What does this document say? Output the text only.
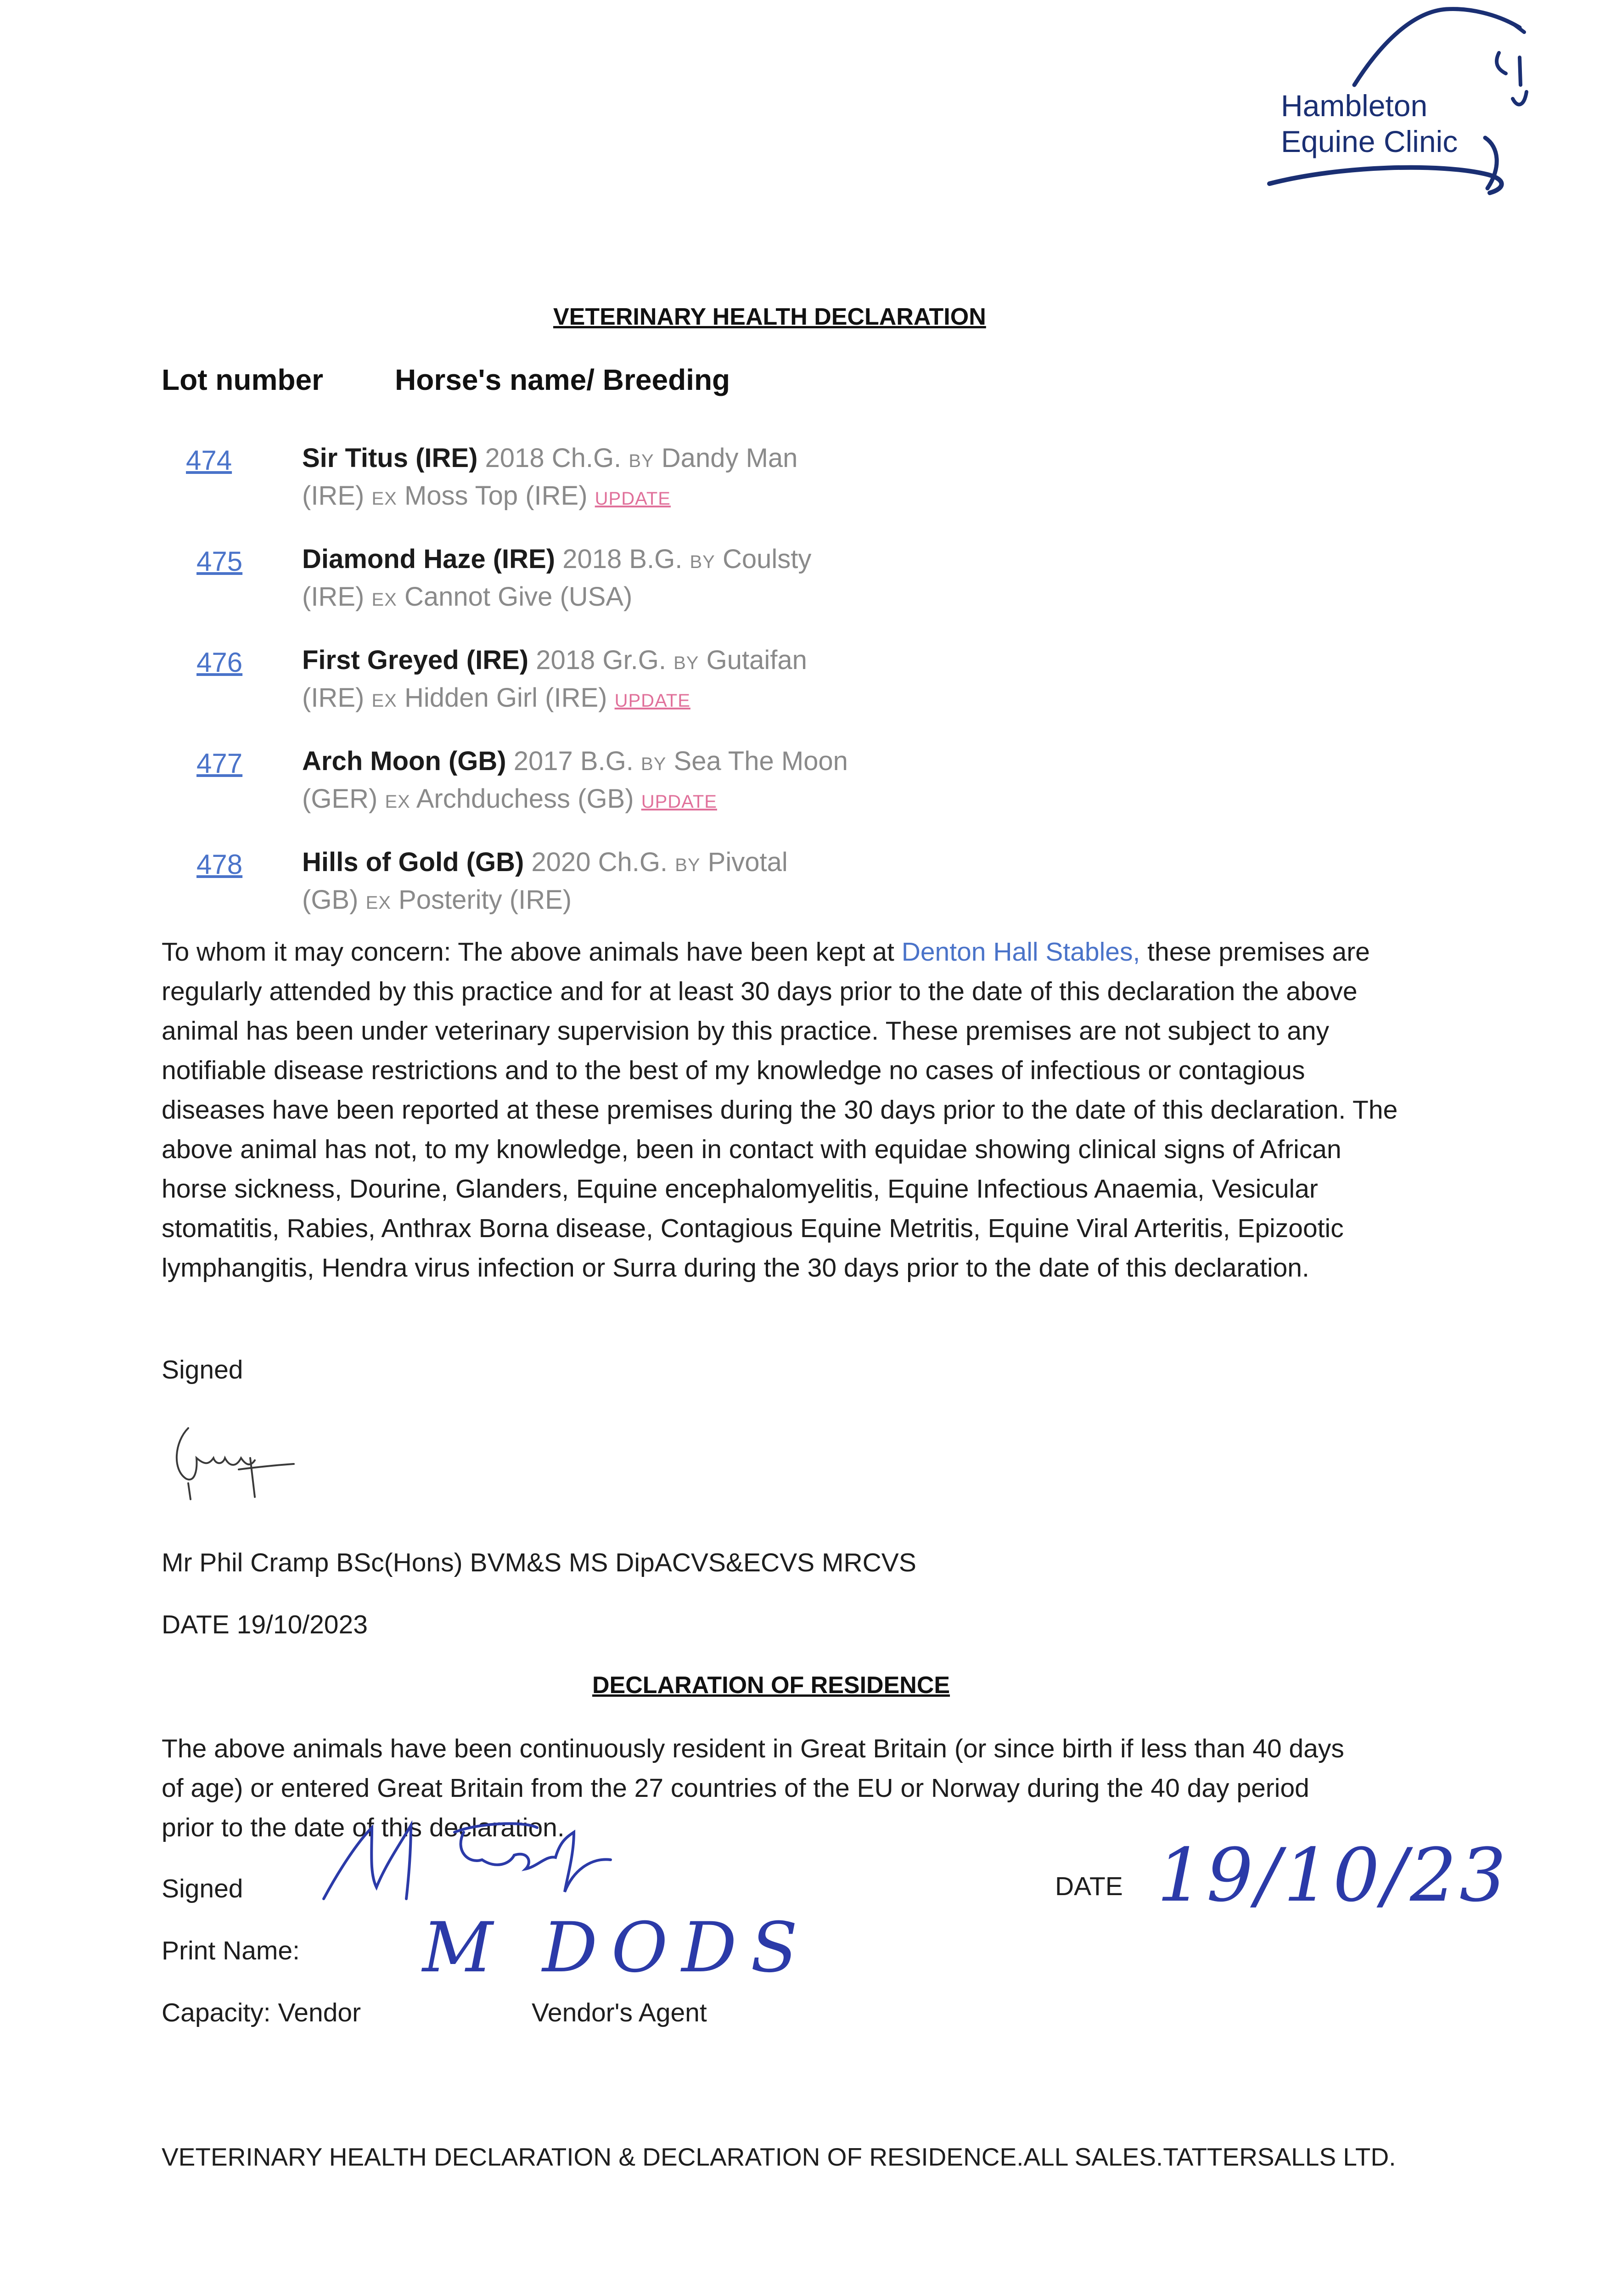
Hambleton
Equine Clinic
VETERINARY HEALTH DECLARATION
Lot number Horse's name/ Breeding
474	Sir Titus (IRE) 2018 Ch.G. BY Dandy Man
(IRE) EX Moss Top (IRE) UPDATE
475 Diamond Haze (IRE) 2018 B.G. BY Coulsty
(IRE) EX Cannot Give (USA)
476 First Greyed (IRE) 2018 Gr.G. BY Gutaifan
(IRE) EX Hidden Girl (IRE) UPDATE
477 Arch Moon (GB) 2017 B.G. BY Sea The Moon
(GER) EX Archduchess (GB) UPDATE
478 Hills of Gold (GB) 2020 Ch.G. BY Pivotal
(GB) EX Posterity (IRE)
To whom it may concern: The above animals have been kept at Denton Hall Stables, these premises are regularly attended by this practice and for at least 30 days prior to the date of this declaration the above animal has been under veterinary supervision by this practice. These premises are not subject to any notifiable disease restrictions and to the best of my knowledge no cases of infectious or contagious diseases have been reported at these premises during the 30 days prior to the date of this declaration. The above animal has not, to my knowledge, been in contact with equidae showing clinical signs of African horse sickness, Dourine, Glanders, Equine encephalomyelitis, Equine Infectious Anaemia, Vesicular stomatitis, Rabies, Anthrax Borna disease, Contagious Equine Metritis, Equine Viral Arteritis, Epizootic lymphangitis, Hendra virus infection or Surra during the 30 days prior to the date of this declaration.
Signed
Mr Phil Cramp BSc(Hons) BVM&S MS DipACVS&ECVS MRCVS
DATE 19/10/2023
DECLARATION OF RESIDENCE
The above animals have been continuously resident in Great Britain (or since birth if less than 40 days of age) or entered Great Britain from the 27 countries of the EU or Norway during the 40 day period prior to the date of this declaration.
Signed
Print Name:
Capacity: Vendor	Vendor's Agent
DATE
M DODS
19/10/23
VETERINARY HEALTH DECLARATION & DECLARATION OF RESIDENCE.ALL SALES.TATTERSALLS LTD.
